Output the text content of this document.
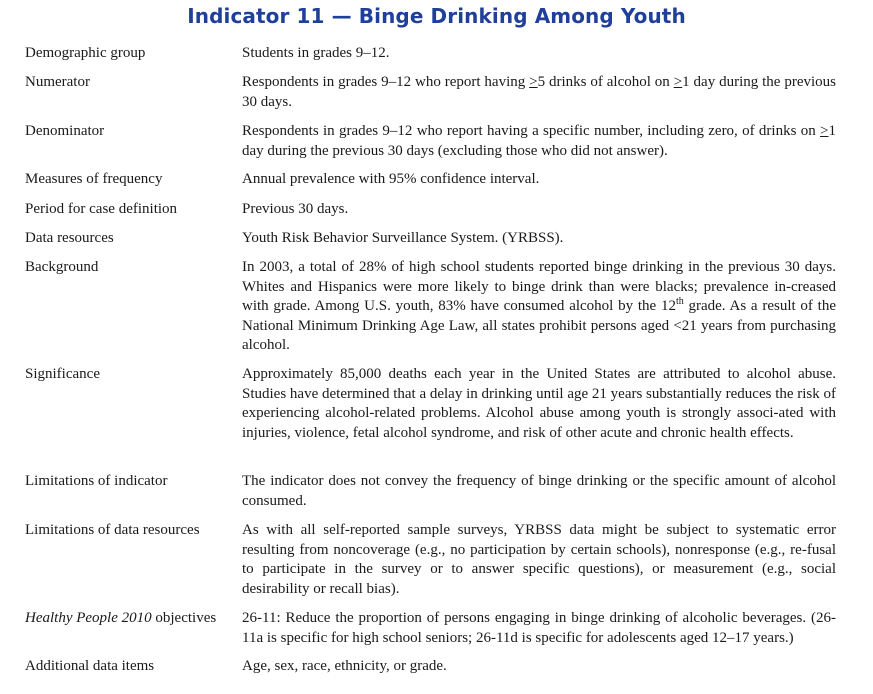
Indicator 11 — Binge Drinking Among Youth
Demographic group	Students in grades 9–12.
Numerator	Respondents in grades 9–12 who report having >5 drinks of alcohol on >1 day during the previous 30 days.
Denominator	Respondents in grades 9–12 who report having a specific number, including zero, of drinks on >1 day during the previous 30 days (excluding those who did not answer).
Measures of frequency	Annual prevalence with 95% confidence interval.
Period for case definition	Previous 30 days.
Data resources	Youth Risk Behavior Surveillance System. (YRBSS).
Background	In 2003, a total of 28% of high school students reported binge drinking in the previous 30 days. Whites and Hispanics were more likely to binge drink than were blacks; prevalence in-creased with grade. Among U.S. youth, 83% have consumed alcohol by the 12th grade. As a result of the National Minimum Drinking Age Law, all states prohibit persons aged <21 years from purchasing alcohol.
Significance	Approximately 85,000 deaths each year in the United States are attributed to alcohol abuse. Studies have determined that a delay in drinking until age 21 years substantially reduces the risk of experiencing alcohol-related problems. Alcohol abuse among youth is strongly associ-ated with injuries, violence, fetal alcohol syndrome, and risk of other acute and chronic health effects.
Limitations of indicator	The indicator does not convey the frequency of binge drinking or the specific amount of alcohol consumed.
Limitations of data resources	As with all self-reported sample surveys, YRBSS data might be subject to systematic error resulting from noncoverage (e.g., no participation by certain schools), nonresponse (e.g., re-fusal to participate in the survey or to answer specific questions), or measurement (e.g., social desirability or recall bias).
Healthy People 2010 objectives	26-11: Reduce the proportion of persons engaging in binge drinking of alcoholic beverages. (26-11a is specific for high school seniors; 26-11d is specific for adolescents aged 12–17 years.)
Additional data items	Age, sex, race, ethnicity, or grade.
